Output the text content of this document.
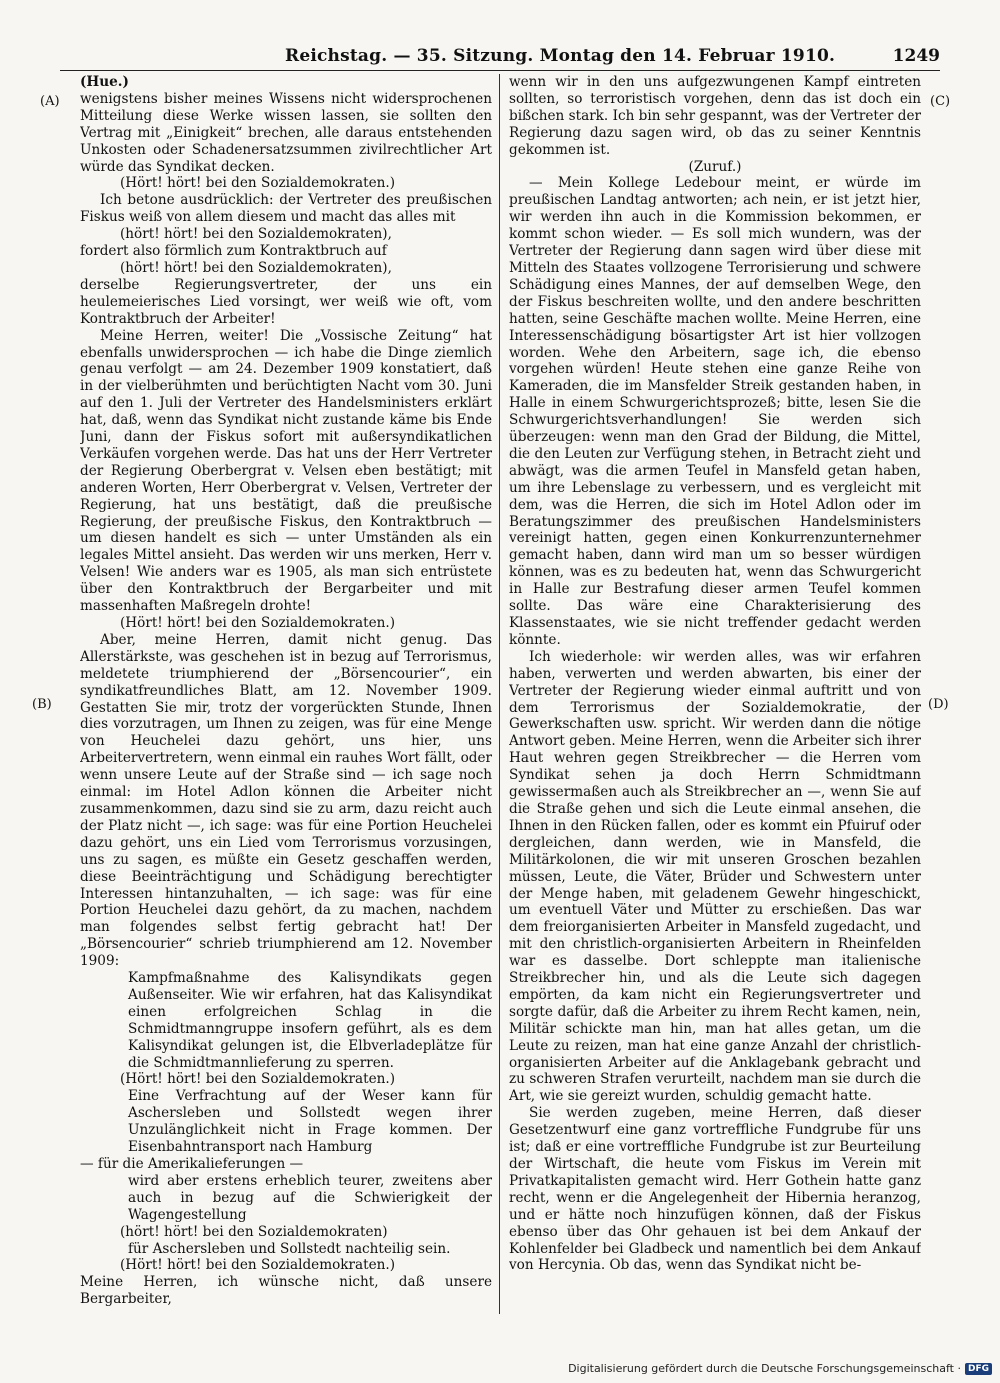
Reichstag. — 35. Sitzung. Montag den 14. Februar 1910.	1249
(A)
(B)
(C)
(D)

(Hue.)

wenigstens bisher meines Wissens nicht widersprochenen Mitteilung diese Werke wissen lassen, sie sollten den Vertrag mit „Einigkeit“ brechen, alle daraus entstehenden Unkosten oder Schadenersatzsummen zivilrechtlicher Art würde das Syndikat decken.

(Hört! hört! bei den Sozialdemokraten.)

Ich betone ausdrücklich: der Vertreter des preußischen Fiskus weiß von allem diesem und macht das alles mit

(hört! hört! bei den Sozialdemokraten),

fordert also förmlich zum Kontraktbruch auf

(hört! hört! bei den Sozialdemokraten),

derselbe Regierungsvertreter, der uns ein heulemeierisches Lied vorsingt, wer weiß wie oft, vom Kontraktbruch der Arbeiter!

Meine Herren, weiter! Die „Vossische Zeitung“ hat ebenfalls unwidersprochen — ich habe die Dinge ziemlich genau verfolgt — am 24. Dezember 1909 konstatiert, daß in der vielberühmten und berüchtigten Nacht vom 30. Juni auf den 1. Juli der Vertreter des Handelsministers erklärt hat, daß, wenn das Syndikat nicht zustande käme bis Ende Juni, dann der Fiskus sofort mit außersyndikatlichen Verkäufen vorgehen werde. Das hat uns der Herr Vertreter der Regierung Oberbergrat v. Velsen eben bestätigt; mit anderen Worten, Herr Oberbergrat v. Velsen, Vertreter der Regierung, hat uns bestätigt, daß die preußische Regierung, der preußische Fiskus, den Kontraktbruch — um diesen handelt es sich — unter Umständen als ein legales Mittel ansieht. Das werden wir uns merken, Herr v. Velsen! Wie anders war es 1905, als man sich entrüstete über den Kontraktbruch der Bergarbeiter und mit massenhaften Maßregeln drohte!

(Hört! hört! bei den Sozialdemokraten.)

Aber, meine Herren, damit nicht genug. Das Allerstärkste, was geschehen ist in bezug auf Terrorismus, meldetete triumphierend der „Börsencourier“, ein syndikatfreundliches Blatt, am 12. November 1909. Gestatten Sie mir, trotz der vorgerückten Stunde, Ihnen dies vorzutragen, um Ihnen zu zeigen, was für eine Menge von Heuchelei dazu gehört, uns hier, uns Arbeitervertretern, wenn einmal ein rauhes Wort fällt, oder wenn unsere Leute auf der Straße sind — ich sage noch einmal: im Hotel Adlon können die Arbeiter nicht zusammenkommen, dazu sind sie zu arm, dazu reicht auch der Platz nicht —, ich sage: was für eine Portion Heuchelei dazu gehört, uns ein Lied vom Terrorismus vorzusingen, uns zu sagen, es müßte ein Gesetz geschaffen werden, diese Beeinträchtigung und Schädigung berechtigter Interessen hintanzuhalten, — ich sage: was für eine Portion Heuchelei dazu gehört, da zu machen, nachdem man folgendes selbst fertig gebracht hat! Der „Börsencourier“ schrieb triumphierend am 12. November 1909:

Kampfmaßnahme des Kalisyndikats gegen Außenseiter. Wie wir erfahren, hat das Kalisyndikat einen erfolgreichen Schlag in die Schmidtmanngruppe insofern geführt, als es dem Kalisyndikat gelungen ist, die Elbverladeplätze für die Schmidtmannlieferung zu sperren.

(Hört! hört! bei den Sozialdemokraten.)

Eine Verfrachtung auf der Weser kann für Aschersleben und Sollstedt wegen ihrer Unzulänglichkeit nicht in Frage kommen. Der Eisenbahntransport nach Hamburg

— für die Amerikalieferungen —

wird aber erstens erheblich teurer, zweitens aber auch in bezug auf die Schwierigkeit der Wagengestellung

(hört! hört! bei den Sozialdemokraten)

für Aschersleben und Sollstedt nachteilig sein.

(Hört! hört! bei den Sozialdemokraten.)

Meine Herren, ich wünsche nicht, daß unsere Bergarbeiter,

wenn wir in den uns aufgezwungenen Kampf eintreten sollten, so terroristisch vorgehen, denn das ist doch ein bißchen stark. Ich bin sehr gespannt, was der Vertreter der Regierung dazu sagen wird, ob das zu seiner Kenntnis gekommen ist.

(Zuruf.)

— Mein Kollege Ledebour meint, er würde im preußischen Landtag antworten; ach nein, er ist jetzt hier, wir werden ihn auch in die Kommission bekommen, er kommt schon wieder. — Es soll mich wundern, was der Vertreter der Regierung dann sagen wird über diese mit Mitteln des Staates vollzogene Terrorisierung und schwere Schädigung eines Mannes, der auf demselben Wege, den der Fiskus beschreiten wollte, und den andere beschritten hatten, seine Geschäfte machen wollte. Meine Herren, eine Interessenschädigung bösartigster Art ist hier vollzogen worden. Wehe den Arbeitern, sage ich, die ebenso vorgehen würden! Heute stehen eine ganze Reihe von Kameraden, die im Mansfelder Streik gestanden haben, in Halle in einem Schwurgerichtsprozeß; bitte, lesen Sie die Schwurgerichtsverhandlungen! Sie werden sich überzeugen: wenn man den Grad der Bildung, die Mittel, die den Leuten zur Verfügung stehen, in Betracht zieht und abwägt, was die armen Teufel in Mansfeld getan haben, um ihre Lebenslage zu verbessern, und es vergleicht mit dem, was die Herren, die sich im Hotel Adlon oder im Beratungszimmer des preußischen Handelsministers vereinigt hatten, gegen einen Konkurrenzunternehmer gemacht haben, dann wird man um so besser würdigen können, was es zu bedeuten hat, wenn das Schwurgericht in Halle zur Bestrafung dieser armen Teufel kommen sollte. Das wäre eine Charakterisierung des Klassenstaates, wie sie nicht treffender gedacht werden könnte.

Ich wiederhole: wir werden alles, was wir erfahren haben, verwerten und werden abwarten, bis einer der Vertreter der Regierung wieder einmal auftritt und von dem Terrorismus der Sozialdemokratie, der Gewerkschaften usw. spricht. Wir werden dann die nötige Antwort geben. Meine Herren, wenn die Arbeiter sich ihrer Haut wehren gegen Streikbrecher — die Herren vom Syndikat sehen ja doch Herrn Schmidtmann gewissermaßen auch als Streikbrecher an —, wenn Sie auf die Straße gehen und sich die Leute einmal ansehen, die Ihnen in den Rücken fallen, oder es kommt ein Pfuiruf oder dergleichen, dann werden, wie in Mansfeld, die Militärkolonen, die wir mit unseren Groschen bezahlen müssen, Leute, die Väter, Brüder und Schwestern unter der Menge haben, mit geladenem Gewehr hingeschickt, um eventuell Väter und Mütter zu erschießen. Das war dem freiorganisierten Arbeiter in Mansfeld zugedacht, und mit den christlich-organisierten Arbeitern in Rheinfelden war es dasselbe. Dort schleppte man italienische Streikbrecher hin, und als die Leute sich dagegen empörten, da kam nicht ein Regierungsvertreter und sorgte dafür, daß die Arbeiter zu ihrem Recht kamen, nein, Militär schickte man hin, man hat alles getan, um die Leute zu reizen, man hat eine ganze Anzahl der christlich-organisierten Arbeiter auf die Anklagebank gebracht und zu schweren Strafen verurteilt, nachdem man sie durch die Art, wie sie gereizt wurden, schuldig gemacht hatte.

Sie werden zugeben, meine Herren, daß dieser Gesetzentwurf eine ganz vortreffliche Fundgrube für uns ist; daß er eine vortreffliche Fundgrube ist zur Beurteilung der Wirtschaft, die heute vom Fiskus im Verein mit Privatkapitalisten gemacht wird. Herr Gothein hatte ganz recht, wenn er die Angelegenheit der Hibernia heranzog, und er hätte noch hinzufügen können, daß der Fiskus ebenso über das Ohr gehauen ist bei dem Ankauf der Kohlenfelder bei Gladbeck und namentlich bei dem Ankauf von Hercynia. Ob das, wenn das Syndikat nicht be-

Digitalisierung gefördert durch die Deutsche Forschungsgemeinschaft · DFG
